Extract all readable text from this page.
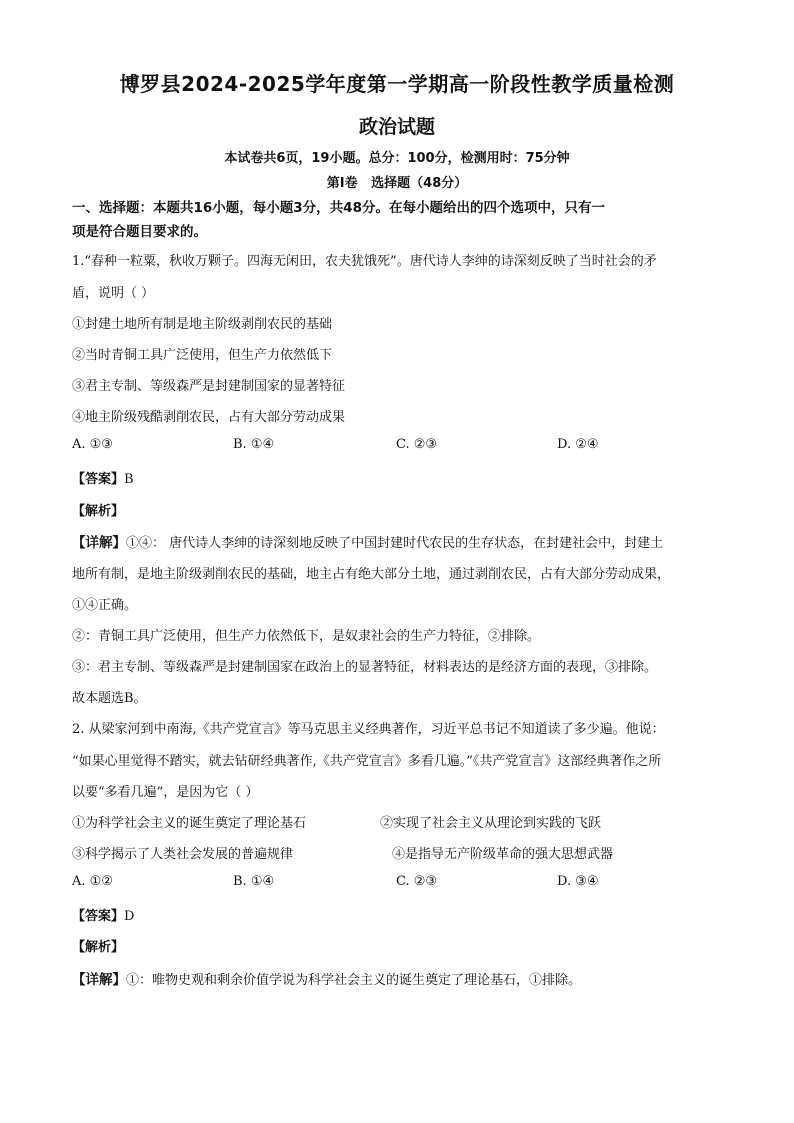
博罗县2024-2025学年度第一学期高一阶段性教学质量检测
政治试题
本试卷共6页，19小题。总分：100分，检测用时：75分钟
第Ⅰ卷   选择题（48分）
一、选择题：本题共16小题，每小题3分，共48分。在每小题给出的四个选项中，只有一
项是符合题目要求的。
1.“春种一粒粟，秋收万颗子。四海无闲田，农夫犹饿死”。唐代诗人李绅的诗深刻反映了当时社会的矛
盾，说明（ ）
①封建土地所有制是地主阶级剥削农民的基础
②当时青铜工具广泛使用，但生产力依然低下
③君主专制、等级森严是封建制国家的显著特征
④地主阶级残酷剥削农民，占有大部分劳动成果
A. ①③	B. ①④	C. ②③	D. ②④
【答案】B
【解析】
【详解】①④： 唐代诗人李绅的诗深刻地反映了中国封建时代农民的生存状态，在封建社会中，封建土
地所有制，是地主阶级剥削农民的基础，地主占有绝大部分土地，通过剥削农民，占有大部分劳动成果，
①④正确。
②：青铜工具广泛使用，但生产力依然低下，是奴隶社会的生产力特征，②排除。
③：君主专制、等级森严是封建制国家在政治上的显著特征，材料表达的是经济方面的表现，③排除。
故本题选B。
2. 从梁家河到中南海,《共产党宣言》等马克思主义经典著作，习近平总书记不知道读了多少遍。他说：
“如果心里觉得不踏实，就去钻研经典著作,《共产党宣言》多看几遍。”《共产党宣言》这部经典著作之所
以要“多看几遍”，是因为它（ ）
①为科学社会主义的诞生奠定了理论基石	②实现了社会主义从理论到实践的飞跃
③科学揭示了人类社会发展的普遍规律	④是指导无产阶级革命的强大思想武器
A. ①②	B. ①④	C. ②③	D. ③④
【答案】D
【解析】
【详解】①：唯物史观和剩余价值学说为科学社会主义的诞生奠定了理论基石，①排除。
